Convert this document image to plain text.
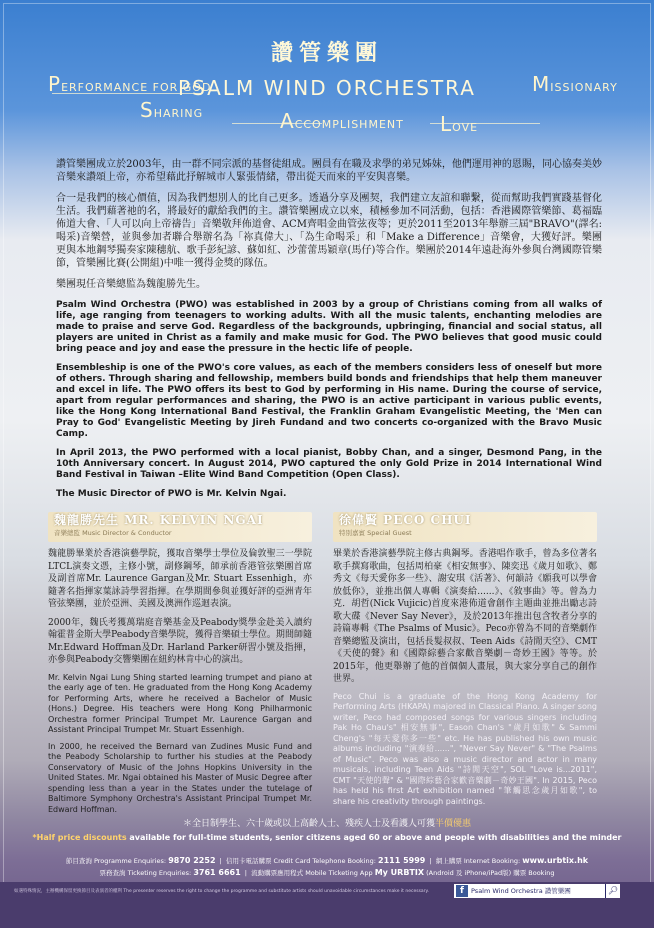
讚管樂團
PSALM WIND ORCHESTRA
PERFORMANCE FOR GOD
SHARING	ACCOMPLISHMENT LOVE
MISSIONARY

讚管樂團成立於2003年，由一群不同宗派的基督徒組成。團員有在職及求學的弟兄姊妹，他們運用神的恩賜，同心協奏美妙音樂來讚頌上帝，亦希望藉此抒解城市人緊張情緒，帶出從天而來的平安與喜樂。

合一是我們的核心價值，因為我們想別人的比自己更多。透過分享及團契，我們建立友誼和聯繫，從而幫助我們實踐基督化生活。我們藉著祂的名，將最好的獻給我們的主。讚管樂團成立以來，積極參加不同活動，包括：香港國際管樂節、葛福臨佈道大會、「人可以向上帝禱告」音樂敬拜佈道會、ACM齊唱金曲管弦夜等；更於2011至2013年舉辦三屆"BRAVO"(譯名:喝采)音樂營，並與參加者聯合舉辦名為「祢真偉大」、「為生命喝采」和「Make a Difference」音樂會，大獲好評。樂團更與本地鋼琴獨奏家陳穗航、歌手彭紀諺、蘇如紅、沙蕾蕾馬穎章(馬仔)等合作。樂團於2014年遠赴海外參與台灣國際管樂節，管樂團比賽(公開組)中唯一獲得金獎的隊伍。

樂團現任音樂總監為魏龍勝先生。

Psalm Wind Orchestra (PWO) was established in 2003 by a group of Christians coming from all walks of life, age ranging from teenagers to working adults. With all the music talents, enchanting melodies are made to praise and serve God. Regardless of the backgrounds, upbringing, financial and social status, all players are united in Christ as a family and make music for God. The PWO believes that good music could bring peace and joy and ease the pressure in the hectic life of people.

Ensembleship is one of the PWO's core values, as each of the members considers less of oneself but more of others. Through sharing and fellowship, members build bonds and friendships that help them maneuver and excel in life. The PWO offers its best to God by performing in His name. During the course of service, apart from regular performances and sharing, the PWO is an active participant in various public events, like the Hong Kong International Band Festival, the Franklin Graham Evangelistic Meeting, the 'Men can Pray to God' Evangelistic Meeting by Jireh Fundand and two concerts co-organized with the Bravo Music Camp.

In April 2013, the PWO performed with a local pianist, Bobby Chan, and a singer, Desmond Pang, in the 10th Anniversary concert. In August 2014, PWO captured the only Gold Prize in 2014 International Wind Band Festival in Taiwan –Elite Wind Band Competition (Open Class).

The Music Director of PWO is Mr. Kelvin Ngai.

魏龍勝先生 MR. KELVIN NGAI
音樂總監 Music Director & Conductor

魏龍勝畢業於香港演藝學院，獲取音樂學士學位及倫敦聖三一學院LTCL演奏文憑，主修小號，副修鋼琴，師承前香港管弦樂團首席及副首席Mr. Laurence Gargan及Mr. Stuart Essenhigh，亦隨著名指揮家葉詠詩學習指揮。在學期間參與並獲好評的亞洲青年管弦樂團，並於亞洲、美國及澳洲作巡迴表演。

2000年，魏氏考獲萬瑞庭音樂基金及Peabody獎學金赴美入讀約翰霍普金斯大學Peabody音樂學院，獲得音樂碩士學位。期間師隨Mr.Edward Hoffman及Dr. Harland Parker研習小號及指揮，亦參與Peabody交響樂團在紐約林肯中心的演出。

Mr. Kelvin Ngai Lung Shing started learning trumpet and piano at the early age of ten. He graduated from the Hong Kong Academy for Performing Arts, where he received a Bachelor of Music (Hons.) Degree. His teachers were Hong Kong Philharmonic Orchestra former Principal Trumpet Mr. Laurence Gargan and Assistant Principal Trumpet Mr. Stuart Essenhigh.

In 2000, he received the Bernard van Zudines Music Fund and the Peabody Scholarship to further his studies at the Peabody Conservatory of Music of the Johns Hopkins University in the United States. Mr. Ngai obtained his Master of Music Degree after spending less than a year in the States under the tutelage of Baltimore Symphony Orchestra's Assistant Principal Trumpet Mr. Edward Hoffman.

徐偉賢 PECO CHUI
特別嘉賓 Special Guest

畢業於香港演藝學院主修古典鋼琴。香港唱作歌手，曾為多位著名歌手撰寫歌曲，包括周柏豪《相安無事》、陳奕迅《歲月如歌》、鄭秀文《每天愛你多一些》、謝安琪《活著》、何韻詩《願我可以學會放低你》，並推出個人專輯《演奏給......》、《敘事曲》等。曾為力克．胡哲(Nick Vujicic)首度來港佈道會創作主題曲並推出勵志詩歌大碟《Never Say Never》，及於2013年推出包含牧者分享的詩篇專輯《The Psalms of Music》。Peco亦曾為不同的音樂劇作音樂總監及演出，包括長髮叔叔、Teen Aids《詩閒天空》、CMT《天使的聲》和《國際綜藝合家歡音樂劇－奇妙王國》等等。於2015年，他更舉辦了他的首個個人畫展，與大家分享自己的創作世界。

Peco Chui is a graduate of the Hong Kong Academy for Performing Arts (HKAPA) majored in Classical Piano. A singer song writer, Peco had composed songs for various singers including Pak Ho Chau's" 相安無事", Eason Chan's "歲月如歌" & Sammi Cheng's "每天愛你多一些" etc. He has published his own music albums including "演奏給......", "Never Say Never" & "The Psalms of Music". Peco was also a music director and actor in many musicals, including Teen Aids "詩閒天空", SOL "Love is...2011", CMT "天使的聲" & "國際綜藝合家歡音樂劇－奇妙王國". In 2015, Peco has held his first Art exhibition named "筆觸思念歲月如歌", to share his creativity through paintings.

＊全日制學生、六十歲或以上高齡人士、殘疾人士及看護人可獲半價優惠
*Half price discounts available for full-time students, senior citizens aged 60 or above and people with disabilities and the minder
節目查詢 Programme Enquiries: 9870 2252  |  信用卡電話購票 Credit Card Telephone Booking: 2111 5999  |  網上購票 Internet Booking: www.urbtix.hk
票務查詢 Ticketing Enquiries: 3761 6661  |  流動購票應用程式 Mobile Ticketing App My URBTIX (Android 及 iPhone/iPad版) 購票 Booking
如遇特殊情況，主辦機構保留更換節目及表演者的權利 The presenter reserves the right to change the programme and substitute artists should unavoidable circumstances make it necessary.	f Psalm Wind Orchestra 讚管樂團	🔎︎
